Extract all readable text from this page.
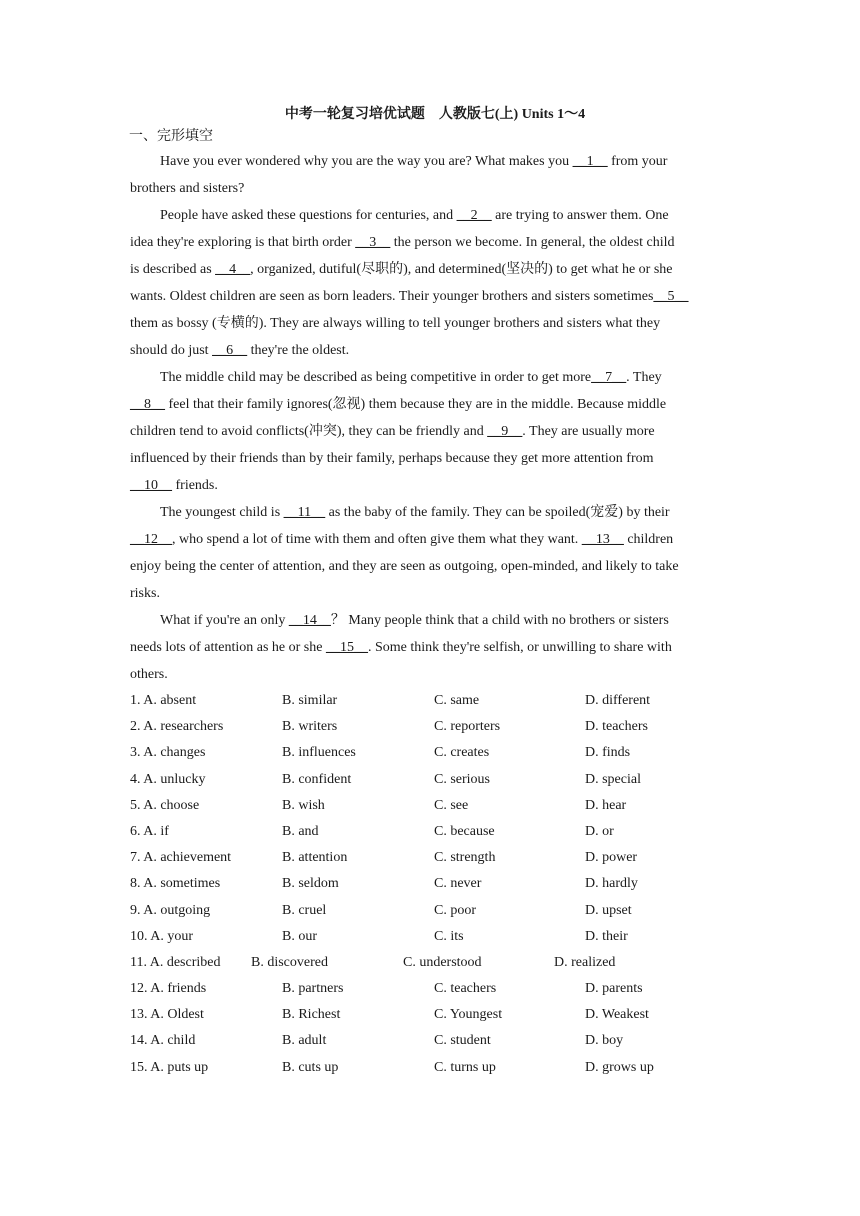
中考一轮复习培优试题　人教版七(上) Units 1～4
一、完形填空
Have you ever wondered why you are the way you are? What makes you __1__ from your
brothers and sisters?
People have asked these questions for centuries, and __2__ are trying to answer them. One
idea they're exploring is that birth order __3__ the person we become. In general, the oldest child
is described as __4__, organized, dutiful(尽职的), and determined(坚决的) to get what he or she
wants. Oldest children are seen as born leaders. Their younger brothers and sisters sometimes__5__
them as bossy (专横的). They are always willing to tell younger brothers and sisters what they
should do just __6__ they're the oldest.
The middle child may be described as being competitive in order to get more__7__. They
__8__ feel that their family ignores(忽视) them because they are in the middle. Because middle
children tend to avoid conflicts(冲突), they can be friendly and __9__. They are usually more
influenced by their friends than by their family, perhaps because they get more attention from
__10__ friends.
The youngest child is __11__ as the baby of the family. They can be spoiled(宠爱) by their
__12__, who spend a lot of time with them and often give them what they want. __13__ children
enjoy being the center of attention, and they are seen as outgoing, open-minded, and likely to take
risks.
What if you're an only __14__？ Many people think that a child with no brothers or sisters
needs lots of attention as he or she __15__. Some think they're selfish, or unwilling to share with
others.
1. A. absent	B. similar	C. same	D. different
2. A. researchers	B. writers	C. reporters	D. teachers
3. A. changes	B. influences	C. creates	D. finds
4. A. unlucky	B. confident	C. serious	D. special
5. A. choose	B. wish	C. see	D. hear
6. A. if	B. and	C. because	D. or
7. A. achievement	B. attention	C. strength	D. power
8. A. sometimes	B. seldom	C. never	D. hardly
9. A. outgoing	B. cruel	C. poor	D. upset
10. A. your	B. our	C. its	D. their
11. A. described B. discovered	C. understood	D. realized
12. A. friends	B. partners	C. teachers	D. parents
13. A. Oldest	B. Richest	C. Youngest	D. Weakest
14. A. child	B. adult	C. student	D. boy
15. A. puts up	B. cuts up	C. turns up	D. grows up
